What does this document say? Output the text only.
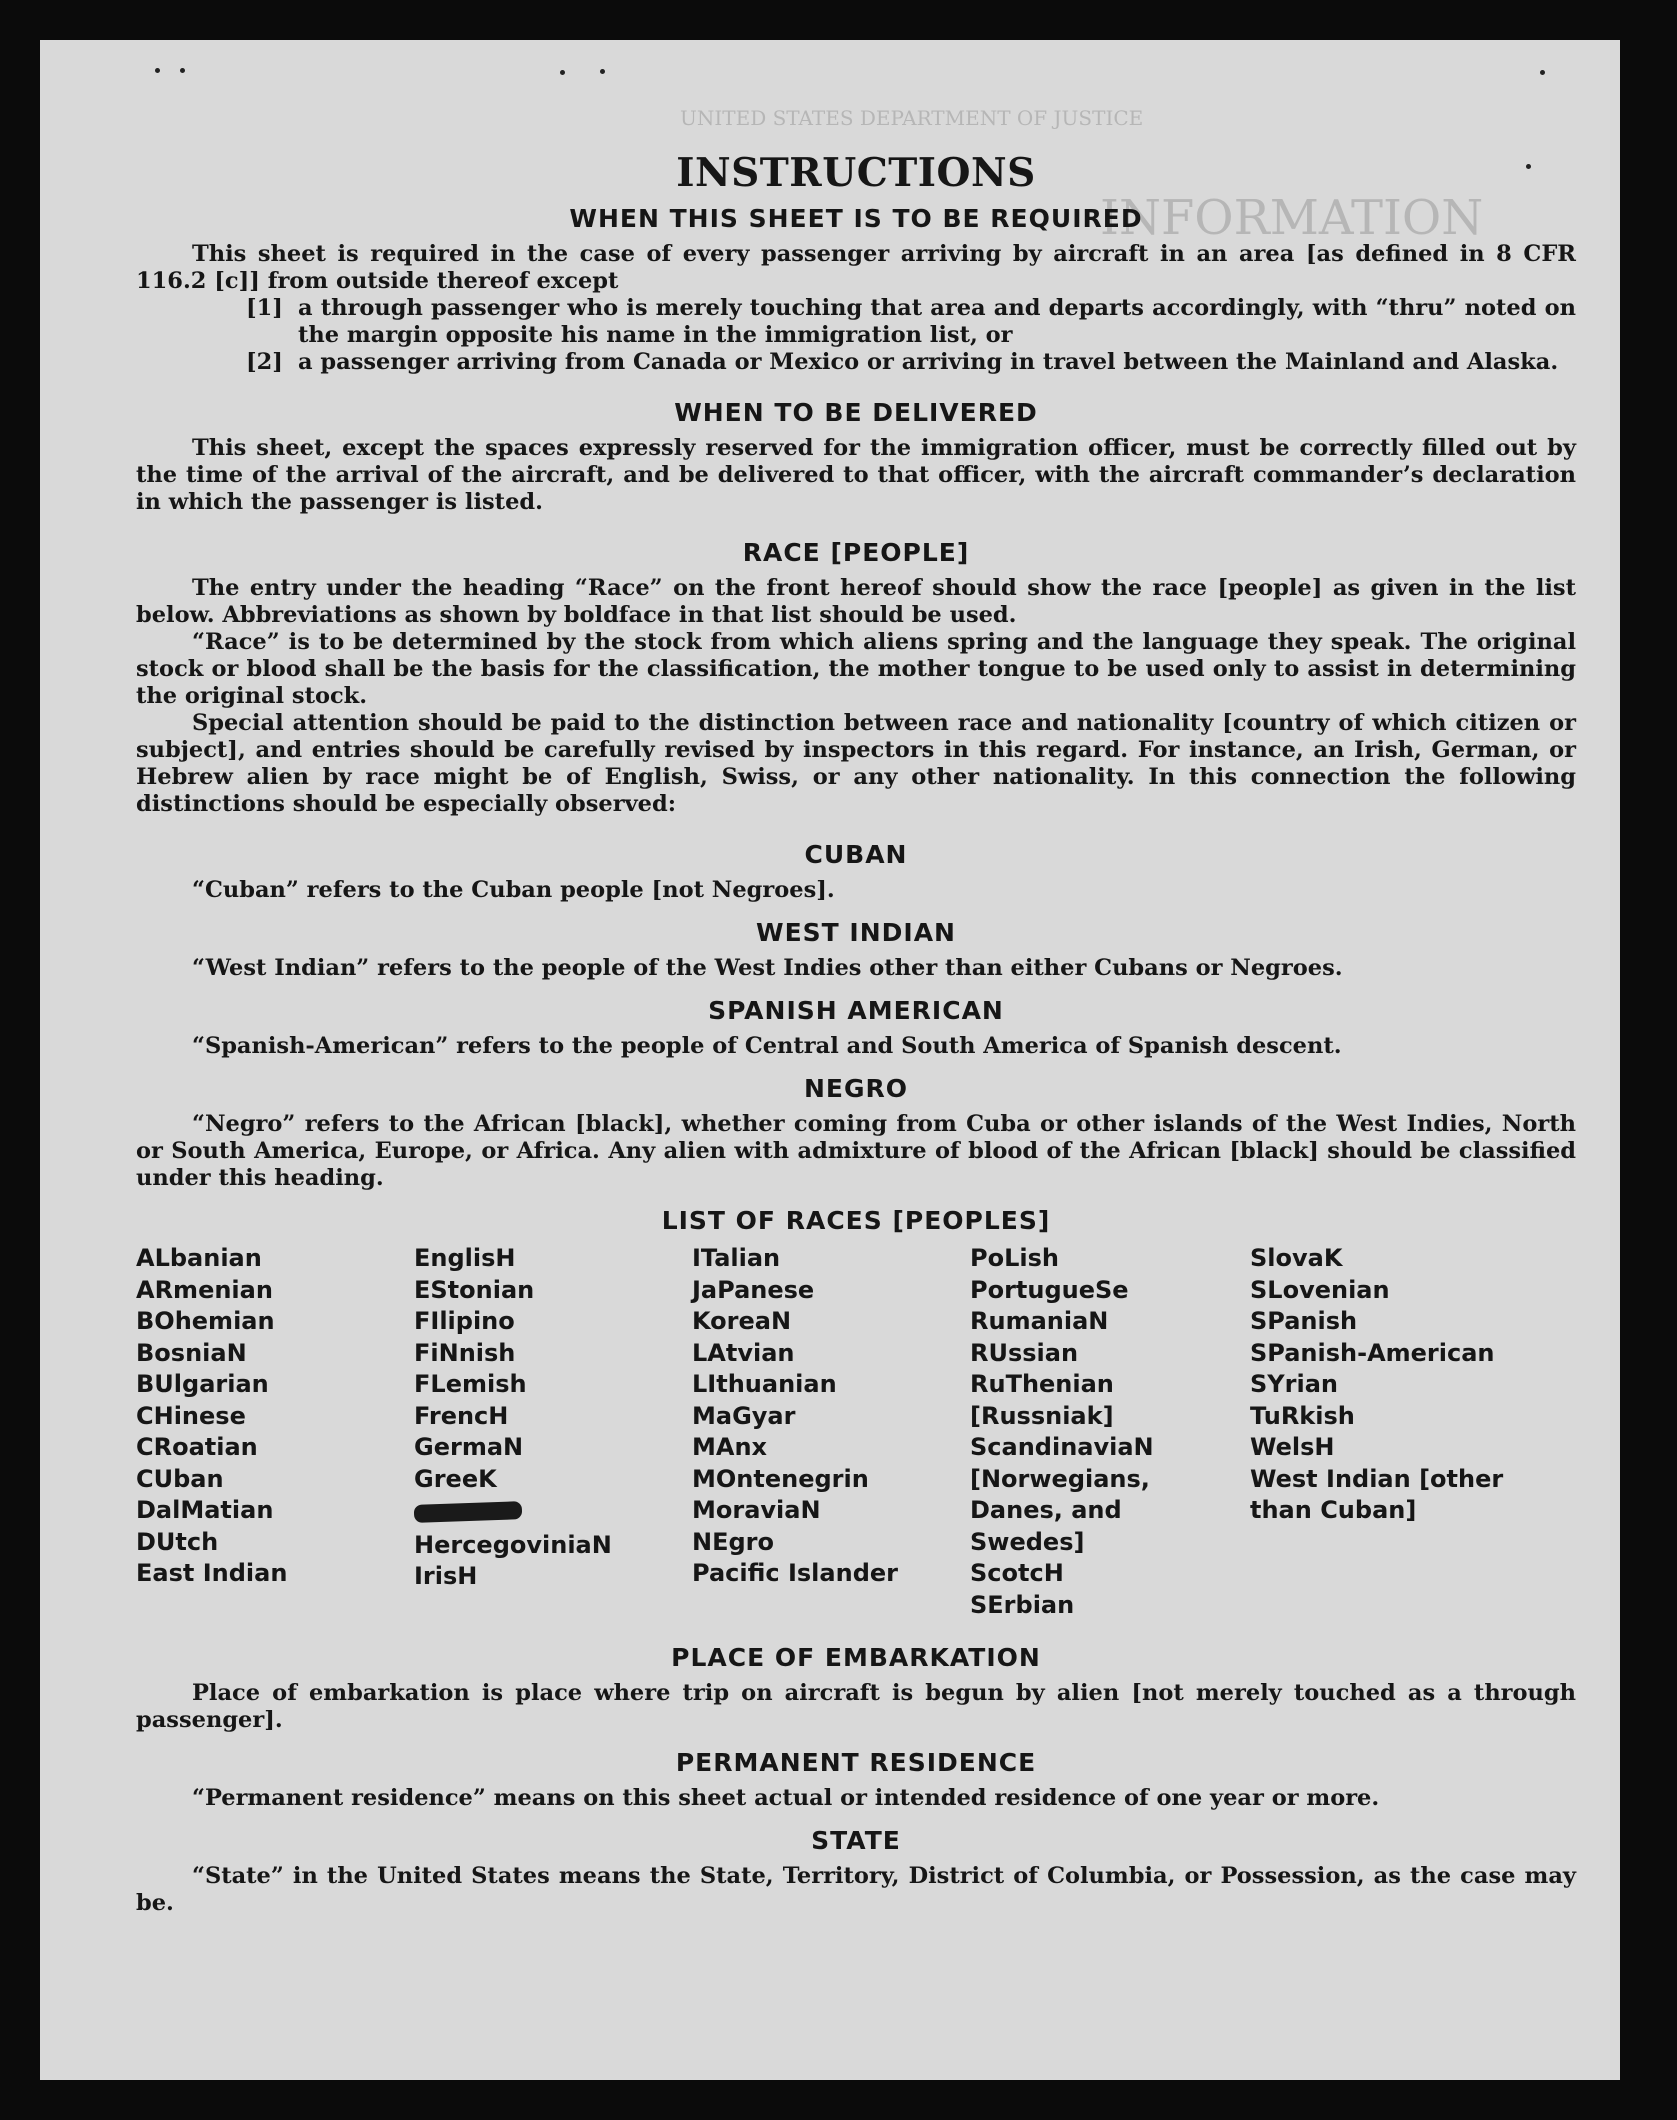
UNITED STATES DEPARTMENT OF JUSTICE
INFORMATION
INSTRUCTIONS
WHEN THIS SHEET IS TO BE REQUIRED

This sheet is required in the case of every passenger arriving by aircraft in an area [as defined in 8 CFR 116.2 [c]] from outside thereof except

[1] a through passenger who is merely touching that area and departs accordingly, with “thru” noted on the margin opposite his name in the immigration list, or
[2] a passenger arriving from Canada or Mexico or arriving in travel between the Mainland and Alaska.
WHEN TO BE DELIVERED

This sheet, except the spaces expressly reserved for the immigration officer, must be correctly filled out by the time of the arrival of the aircraft, and be delivered to that officer, with the aircraft commander’s declaration in which the passenger is listed.

RACE [PEOPLE]

The entry under the heading “Race” on the front hereof should show the race [people] as given in the list below. Abbreviations as shown by boldface in that list should be used.

“Race” is to be determined by the stock from which aliens spring and the language they speak. The original stock or blood shall be the basis for the classification, the mother tongue to be used only to assist in determining the original stock.

Special attention should be paid to the distinction between race and nationality [country of which citizen or subject], and entries should be carefully revised by inspectors in this regard. For instance, an Irish, German, or Hebrew alien by race might be of English, Swiss, or any other nationality. In this connection the following distinctions should be especially observed:

CUBAN

“Cuban” refers to the Cuban people [not Negroes].

WEST INDIAN

“West Indian” refers to the people of the West Indies other than either Cubans or Negroes.

SPANISH AMERICAN

“Spanish-American” refers to the people of Central and South America of Spanish descent.

NEGRO

“Negro” refers to the African [black], whether coming from Cuba or other islands of the West Indies, North or South America, Europe, or Africa. Any alien with admixture of blood of the African [black] should be classified under this heading.

LIST OF RACES [PEOPLES]
ALbanian
ARmenian
BOhemian
BosniaN
BUlgarian
CHinese
CRoatian
CUban
DalMatian
DUtch
East Indian
EnglisH
EStonian
FIlipino
FiNnish
FLemish
FrencH
GermaN
GreeK
HercegoviniaN
IrisH
ITalian
JaPanese
KoreaN
LAtvian
LIthuanian
MaGyar
MAnx
MOntenegrin
MoraviaN
NEgro
Pacific Islander
PoLish
PortugueSe
RumaniaN
RUssian
RuThenian [Russniak]
ScandinaviaN [Norwegians, Danes, and Swedes]
ScotcH
SErbian
SlovaK
SLovenian
SPanish
SPanish-American
SYrian
TuRkish
WelsH
West Indian [other than Cuban]
PLACE OF EMBARKATION

Place of embarkation is place where trip on aircraft is begun by alien [not merely touched as a through passenger].

PERMANENT RESIDENCE

“Permanent residence” means on this sheet actual or intended residence of one year or more.

STATE

“State” in the United States means the State, Territory, District of Columbia, or Possession, as the case may be.
